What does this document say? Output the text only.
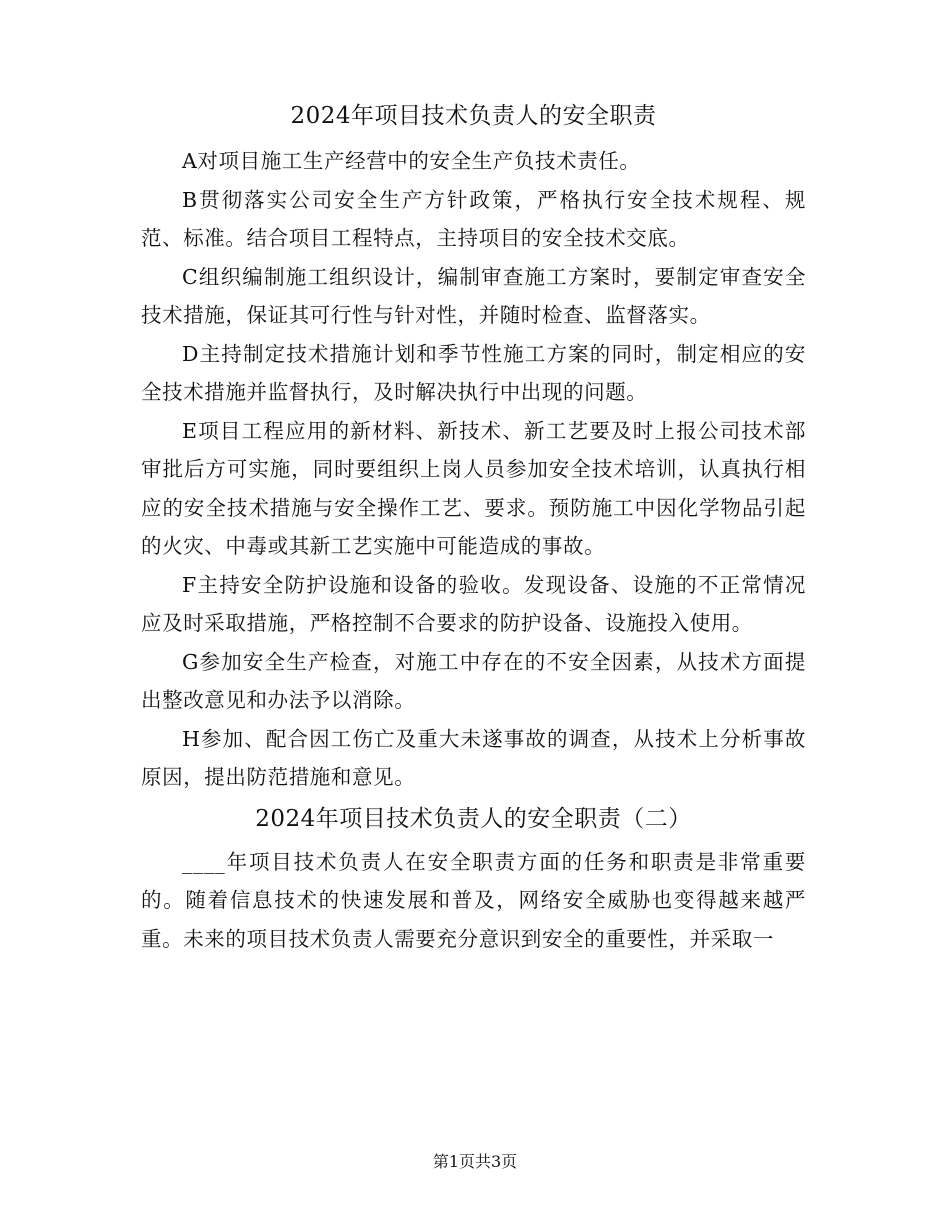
2024年项目技术负责人的安全职责

A对项目施工生产经营中的安全生产负技术责任。

B贯彻落实公司安全生产方针政策，严格执行安全技术规程、规范、标准。结合项目工程特点，主持项目的安全技术交底。

C组织编制施工组织设计，编制审查施工方案时，要制定审查安全技术措施，保证其可行性与针对性，并随时检查、监督落实。

D主持制定技术措施计划和季节性施工方案的同时，制定相应的安全技术措施并监督执行，及时解决执行中出现的问题。

E项目工程应用的新材料、新技术、新工艺要及时上报公司技术部审批后方可实施，同时要组织上岗人员参加安全技术培训，认真执行相应的安全技术措施与安全操作工艺、要求。预防施工中因化学物品引起的火灾、中毒或其新工艺实施中可能造成的事故。

F主持安全防护设施和设备的验收。发现设备、设施的不正常情况应及时采取措施，严格控制不合要求的防护设备、设施投入使用。

G参加安全生产检查，对施工中存在的不安全因素，从技术方面提出整改意见和办法予以消除。

H参加、配合因工伤亡及重大未遂事故的调查，从技术上分析事故原因，提出防范措施和意见。

2024年项目技术负责人的安全职责（二）

____年项目技术负责人在安全职责方面的任务和职责是非常重要的。随着信息技术的快速发展和普及，网络安全威胁也变得越来越严重。未来的项目技术负责人需要充分意识到安全的重要性，并采取一

第1页共3页
